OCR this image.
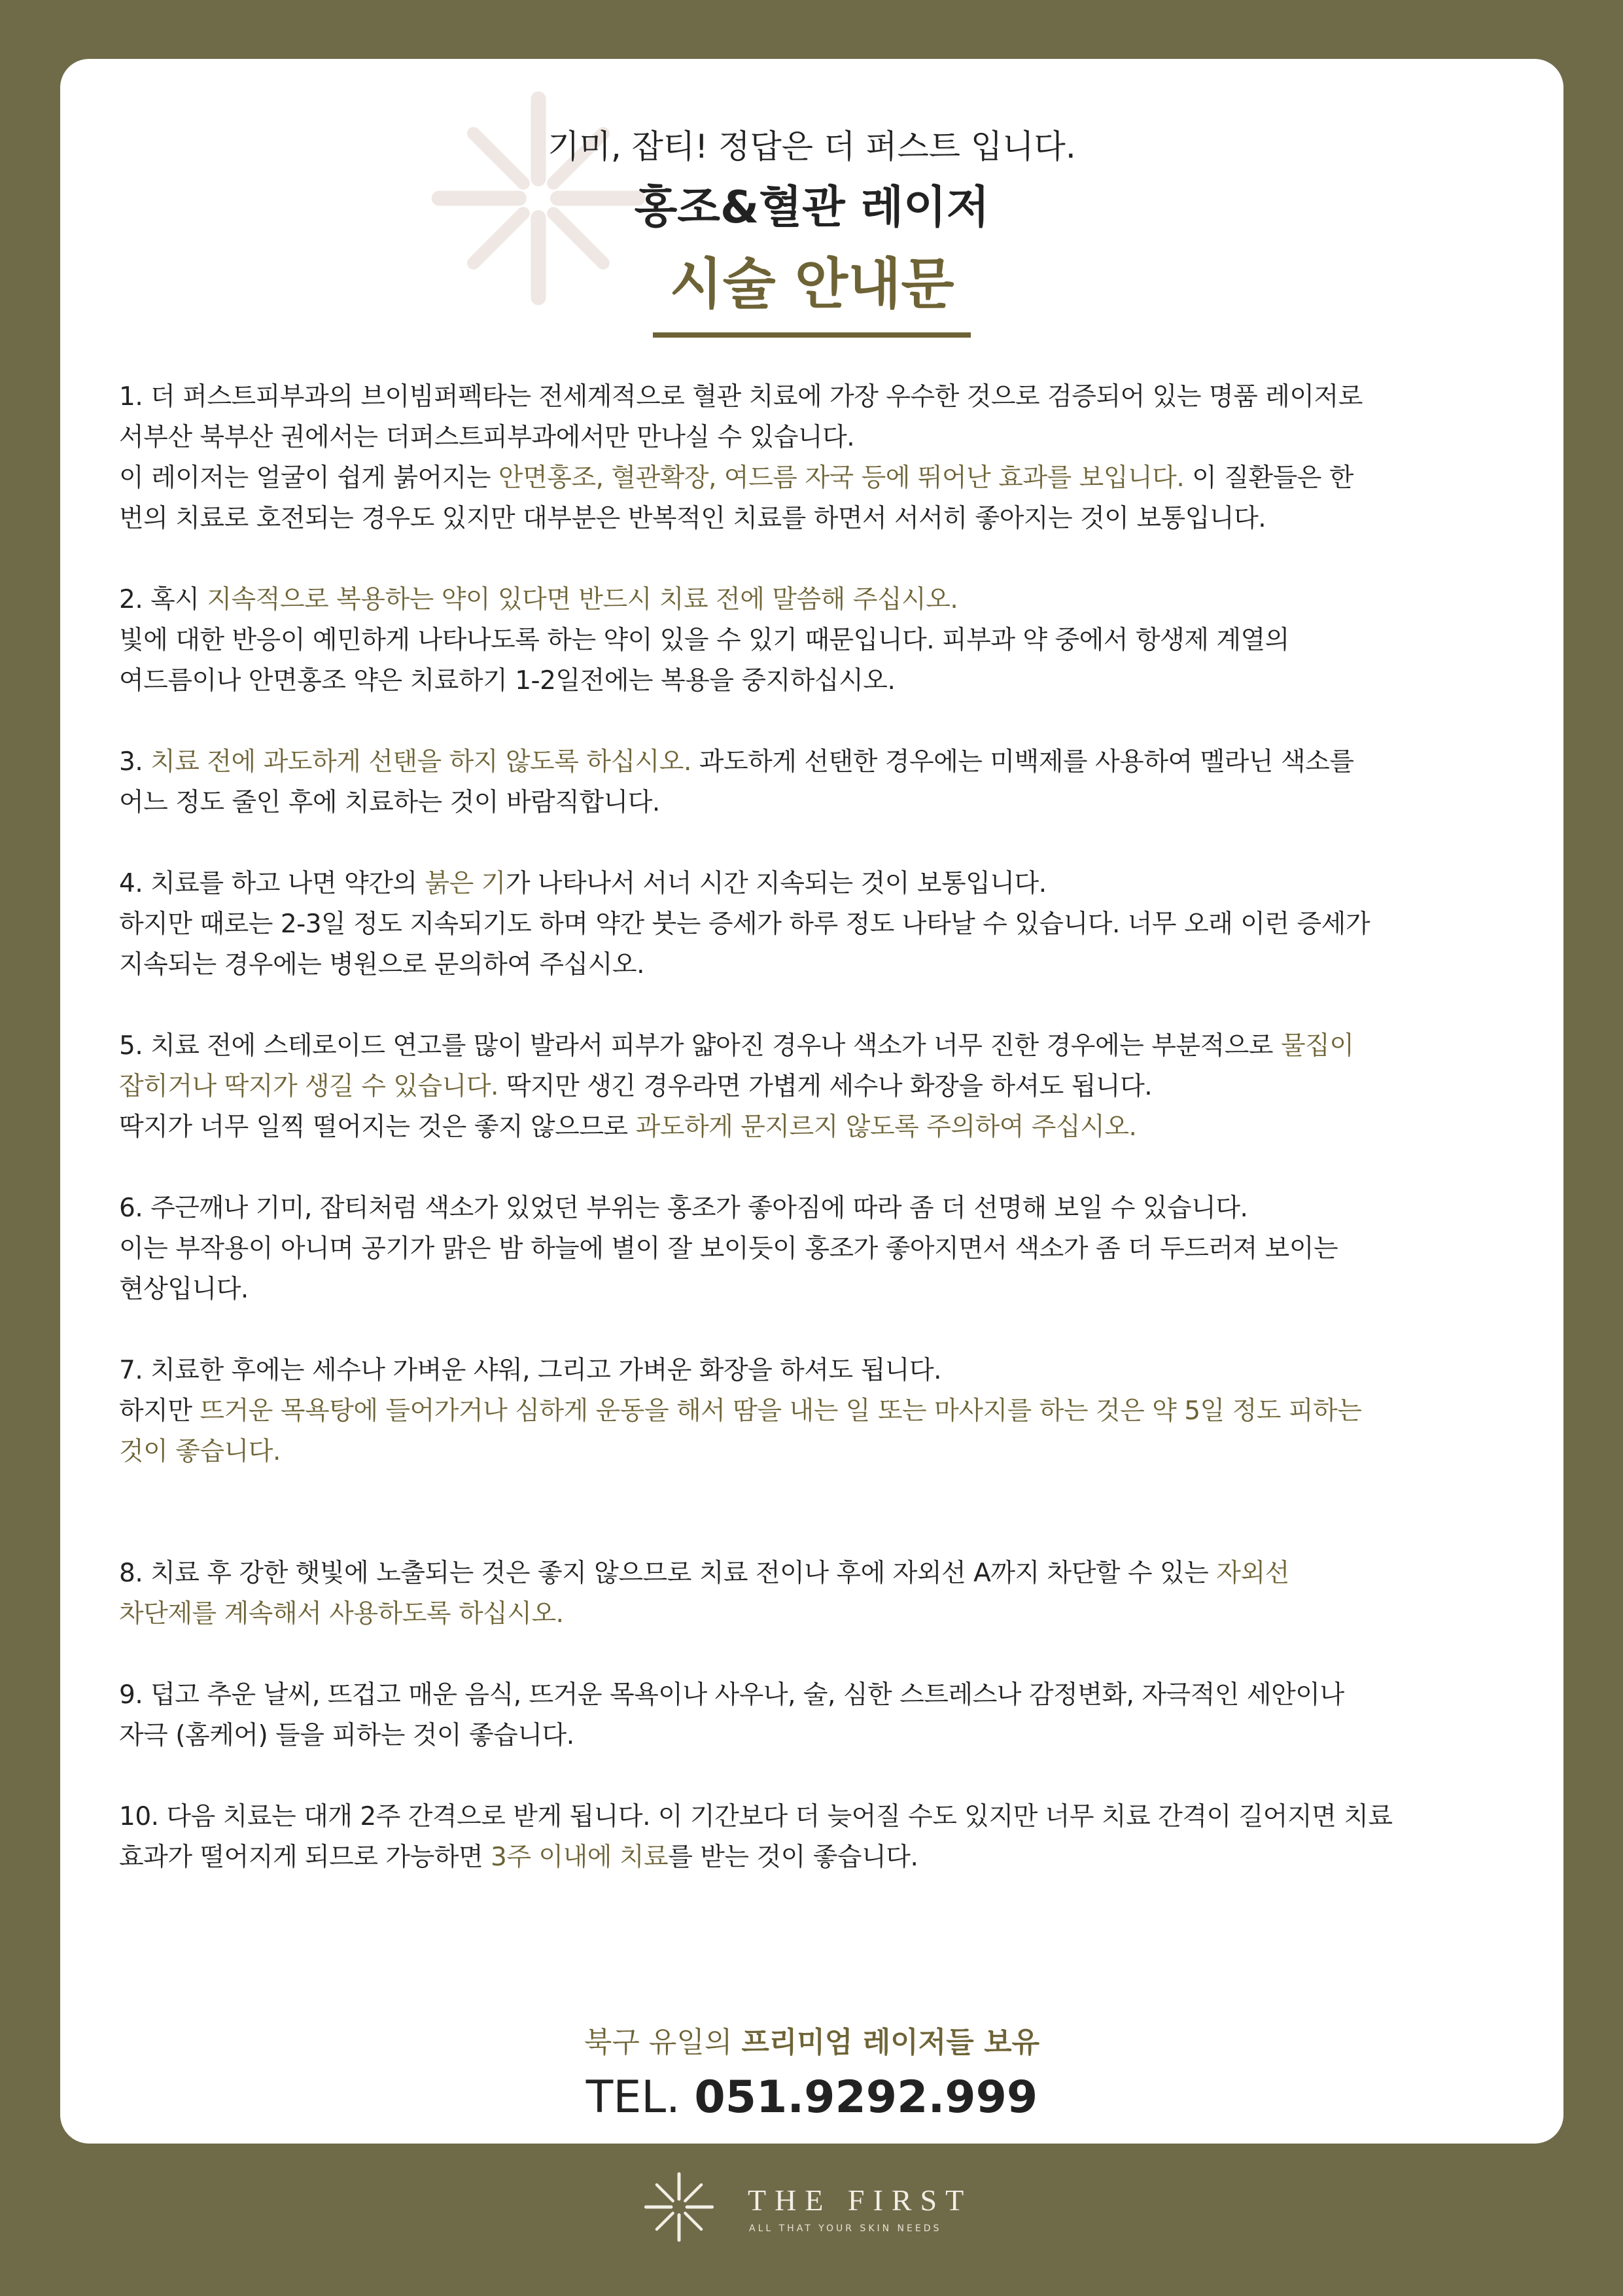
기미, 잡티! 정답은 더 퍼스트 입니다.
홍조&혈관 레이저
시술 안내문

1. 더 퍼스트피부과의 브이빔퍼펙타는 전세계적으로 혈관 치료에 가장 우수한 것으로 검증되어 있는 명품 레이저로
서부산 북부산 권에서는 더퍼스트피부과에서만 만나실 수 있습니다.
이 레이저는 얼굴이 쉽게 붉어지는 안면홍조, 혈관확장, 여드름 자국 등에 뛰어난 효과를 보입니다. 이 질환들은 한
번의 치료로 호전되는 경우도 있지만 대부분은 반복적인 치료를 하면서 서서히 좋아지는 것이 보통입니다.

2. 혹시 지속적으로 복용하는 약이 있다면 반드시 치료 전에 말씀해 주십시오.
빛에 대한 반응이 예민하게 나타나도록 하는 약이 있을 수 있기 때문입니다. 피부과 약 중에서 항생제 계열의
여드름이나 안면홍조 약은 치료하기 1-2일전에는 복용을 중지하십시오.

3. 치료 전에 과도하게 선탠을 하지 않도록 하십시오. 과도하게 선탠한 경우에는 미백제를 사용하여 멜라닌 색소를
어느 정도 줄인 후에 치료하는 것이 바람직합니다.

4. 치료를 하고 나면 약간의 붉은 기가 나타나서 서너 시간 지속되는 것이 보통입니다.
하지만 때로는 2-3일 정도 지속되기도 하며 약간 붓는 증세가 하루 정도 나타날 수 있습니다. 너무 오래 이런 증세가
지속되는 경우에는 병원으로 문의하여 주십시오.

5. 치료 전에 스테로이드 연고를 많이 발라서 피부가 얇아진 경우나 색소가 너무 진한 경우에는 부분적으로 물집이
잡히거나 딱지가 생길 수 있습니다. 딱지만 생긴 경우라면 가볍게 세수나 화장을 하셔도 됩니다.
딱지가 너무 일찍 떨어지는 것은 좋지 않으므로 과도하게 문지르지 않도록 주의하여 주십시오.

6. 주근깨나 기미, 잡티처럼 색소가 있었던 부위는 홍조가 좋아짐에 따라 좀 더 선명해 보일 수 있습니다.
이는 부작용이 아니며 공기가 맑은 밤 하늘에 별이 잘 보이듯이 홍조가 좋아지면서 색소가 좀 더 두드러져 보이는
현상입니다.

7. 치료한 후에는 세수나 가벼운 샤워, 그리고 가벼운 화장을 하셔도 됩니다.
하지만 뜨거운 목욕탕에 들어가거나 심하게 운동을 해서 땀을 내는 일 또는 마사지를 하는 것은 약 5일 정도 피하는
것이 좋습니다.

8. 치료 후 강한 햇빛에 노출되는 것은 좋지 않으므로 치료 전이나 후에 자외선 A까지 차단할 수 있는 자외선
차단제를 계속해서 사용하도록 하십시오.

9. 덥고 추운 날씨, 뜨겁고 매운 음식, 뜨거운 목욕이나 사우나, 술, 심한 스트레스나 감정변화, 자극적인 세안이나
자극 (홈케어) 들을 피하는 것이 좋습니다.

10. 다음 치료는 대개 2주 간격으로 받게 됩니다. 이 기간보다 더 늦어질 수도 있지만 너무 치료 간격이 길어지면 치료
효과가 떨어지게 되므로 가능하면 3주 이내에 치료를 받는 것이 좋습니다.

북구 유일의 프리미엄 레이저들 보유
TEL. 051.9292.999
THE FIRST
ALL THAT YOUR SKIN NEEDS
